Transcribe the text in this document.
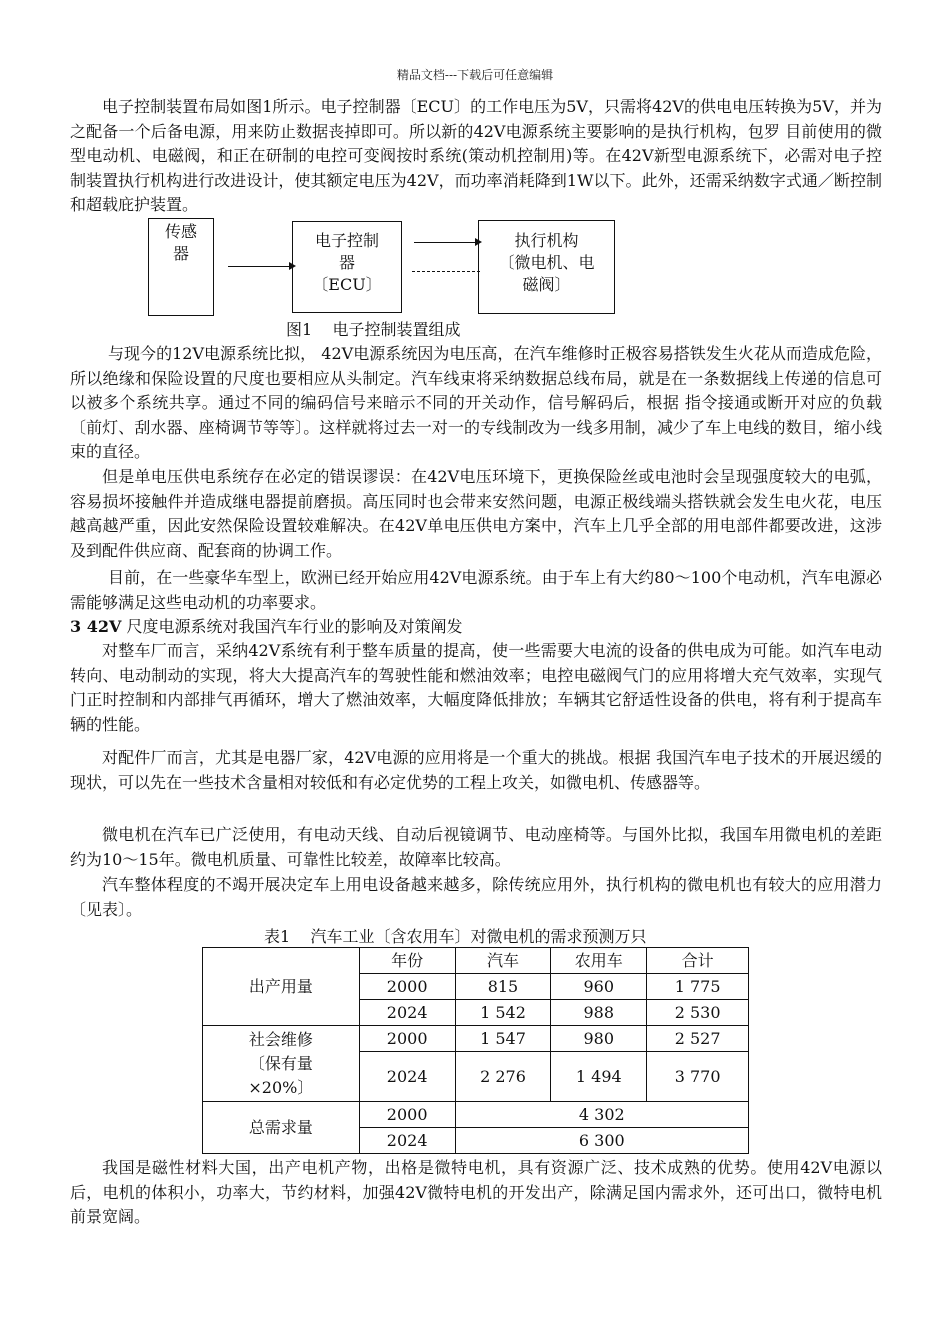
精品文档---下载后可任意编辑

电子控制装置布局如图1所示。电子控制器〔ECU〕的工作电压为5V，只需将42V的供电电压转换为5V，并为之配备一个后备电源，用来防止数据丧掉即可。所以新的42V电源系统主要影响的是执行机构，包罗 目前使用的微型电动机、电磁阀，和正在研制的电控可变阀按时系统(策动机控制用)等。在42V新型电源系统下，必需对电子控制装置执行机构进行改进设计，使其额定电压为42V，而功率消耗降到1W以下。此外，还需采纳数字式通／断控制和超载庇护装置。

传感
器
电子控制
器
〔ECU〕
执行机构
〔微电机、电
磁阀〕
图1    电子控制装置组成

与现今的12V电源系统比拟， 42V电源系统因为电压高，在汽车维修时正极容易搭铁发生火花从而造成危险，所以绝缘和保险设置的尺度也要相应从头制定。汽车线束将采纳数据总线布局，就是在一条数据线上传递的信息可以被多个系统共享。通过不同的编码信号来暗示不同的开关动作，信号解码后，根据 指令接通或断开对应的负载〔前灯、刮水器、座椅调节等等〕。这样就将过去一对一的专线制改为一线多用制，减少了车上电线的数目，缩小线束的直径。

但是单电压供电系统存在必定的错误谬误：在42V电压环境下，更换保险丝或电池时会呈现强度较大的电弧，容易损坏接触件并造成继电器提前磨损。高压同时也会带来安然问题，电源正极线端头搭铁就会发生电火花，电压越高越严重，因此安然保险设置较难解决。在42V单电压供电方案中，汽车上几乎全部的用电部件都要改进，这涉及到配件供应商、配套商的协调工作。

目前，在一些豪华车型上，欧洲已经开始应用42V电源系统。由于车上有大约80～100个电动机，汽车电源必需能够满足这些电动机的功率要求。

3 42V 尺度电源系统对我国汽车行业的影响及对策阐发

对整车厂而言，采纳42V系统有利于整车质量的提高，使一些需要大电流的设备的供电成为可能。如汽车电动转向、电动制动的实现，将大大提高汽车的驾驶性能和燃油效率；电控电磁阀气门的应用将增大充气效率，实现气门正时控制和内部排气再循环，增大了燃油效率，大幅度降低排放；车辆其它舒适性设备的供电，将有利于提高车辆的性能。

对配件厂而言，尤其是电器厂家，42V电源的应用将是一个重大的挑战。根据 我国汽车电子技术的开展迟缓的现状，可以先在一些技术含量相对较低和有必定优势的工程上攻关，如微电机、传感器等。

微电机在汽车已广泛使用，有电动天线、自动后视镜调节、电动座椅等。与国外比拟，我国车用微电机的差距约为10～15年。微电机质量、可靠性比较差，故障率比较高。

汽车整体程度的不竭开展决定车上用电设备越来越多，除传统应用外，执行机构的微电机也有较大的应用潜力〔见表〕。

表1    汽车工业〔含农用车〕对微电机的需求预测万只
出产用量	年份	汽车	农用车	合计
	2000	815	960	1 775
	2024	1 542	988	2 530
社会维修
〔保有量
×20%〕	2000	1 547	980	2 527
	2024	2 276	1 494	3 770
总需求量	2000	4 302		
	2024	6 300		

我国是磁性材料大国，出产电机产物，出格是微特电机，具有资源广泛、技术成熟的优势。使用42V电源以后，电机的体积小，功率大，节约材料，加强42V微特电机的开发出产，除满足国内需求外，还可出口，微特电机前景宽阔。
